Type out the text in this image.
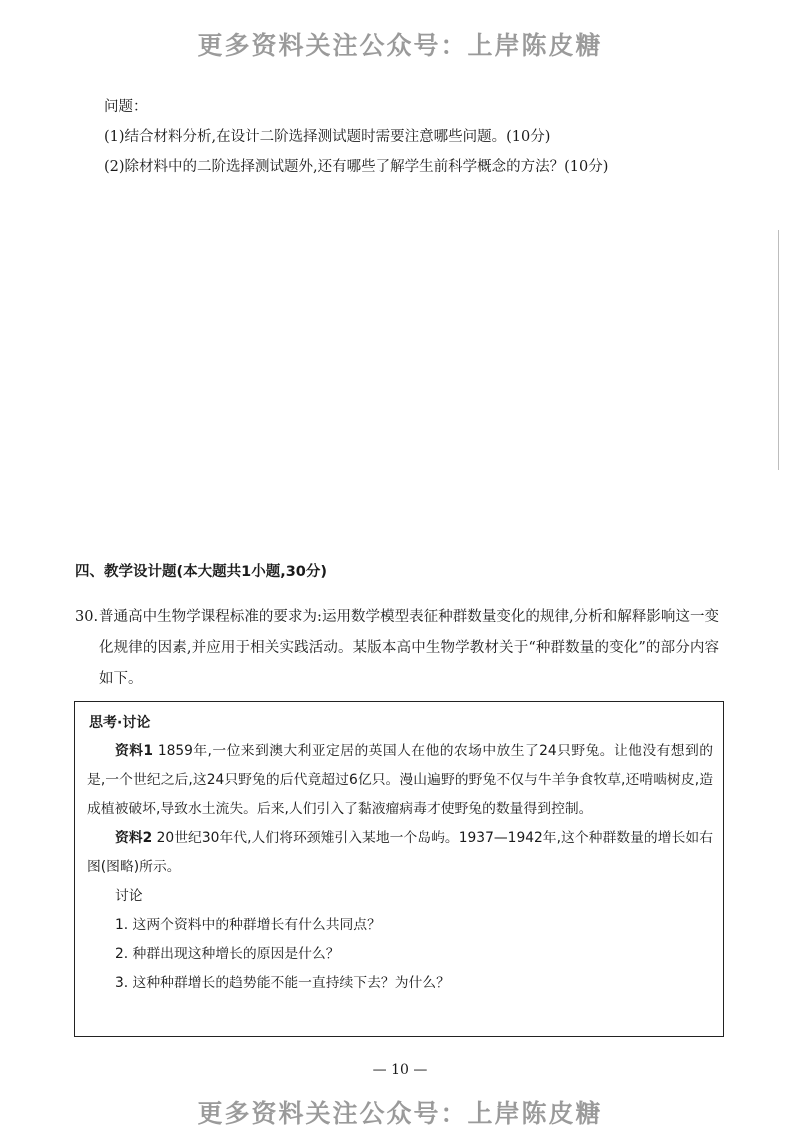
更多资料关注公众号：上岸陈皮糖
问题：
(1)结合材料分析,在设计二阶选择测试题时需要注意哪些问题。(10分)
(2)除材料中的二阶选择测试题外,还有哪些了解学生前科学概念的方法？(10分)
四、教学设计题(本大题共1小题,30分)
30. 普通高中生物学课程标准的要求为:运用数学模型表征种群数量变化的规律,分析和解释影响这一变化规律的因素,并应用于相关实践活动。某版本高中生物学教材关于“种群数量的变化”的部分内容如下。
思考·讨论
资料1 1859年,一位来到澳大利亚定居的英国人在他的农场中放生了24只野兔。让他没有想到的是,一个世纪之后,这24只野兔的后代竟超过6亿只。漫山遍野的野兔不仅与牛羊争食牧草,还啃啮树皮,造成植被破坏,导致水土流失。后来,人们引入了黏液瘤病毒才使野兔的数量得到控制。
资料2 20世纪30年代,人们将环颈雉引入某地一个岛屿。1937—1942年,这个种群数量的增长如右图(图略)所示。
讨论
1. 这两个资料中的种群增长有什么共同点？
2. 种群出现这种增长的原因是什么？
3. 这种种群增长的趋势能不能一直持续下去？为什么？
— 10 —
更多资料关注公众号：上岸陈皮糖
